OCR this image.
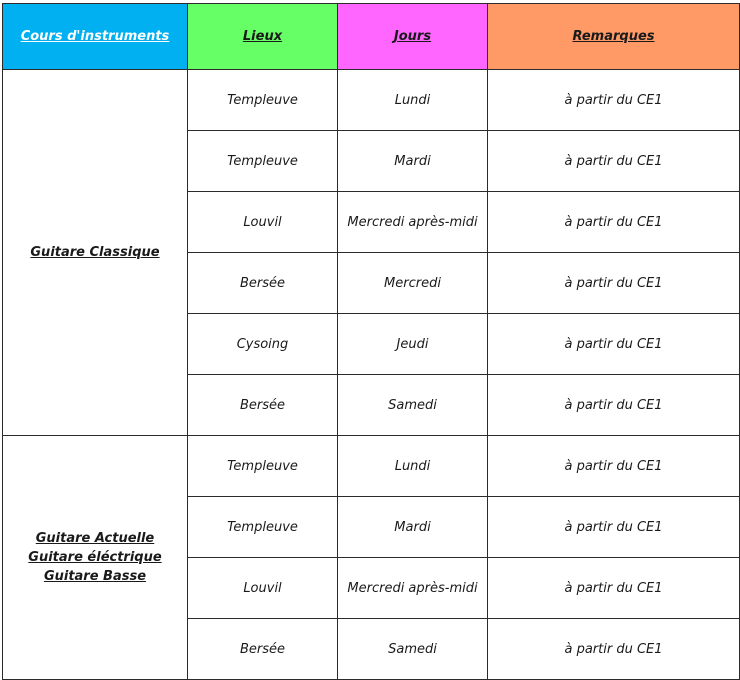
Cours d'instruments	Lieux	Jours	Remarques

Guitare Classique	Templeuve	Lundi	à partir du CE1
	Templeuve	Mardi	à partir du CE1
	Louvil	Mercredi après-midi	à partir du CE1
	Bersée	Mercredi	à partir du CE1
	Cysoing	Jeudi	à partir du CE1
	Bersée	Samedi	à partir du CE1

Guitare Actuelle
Guitare éléctrique
Guitare Basse	Templeuve	Lundi	à partir du CE1
	Templeuve	Mardi	à partir du CE1
	Louvil	Mercredi après-midi	à partir du CE1
	Bersée	Samedi	à partir du CE1
